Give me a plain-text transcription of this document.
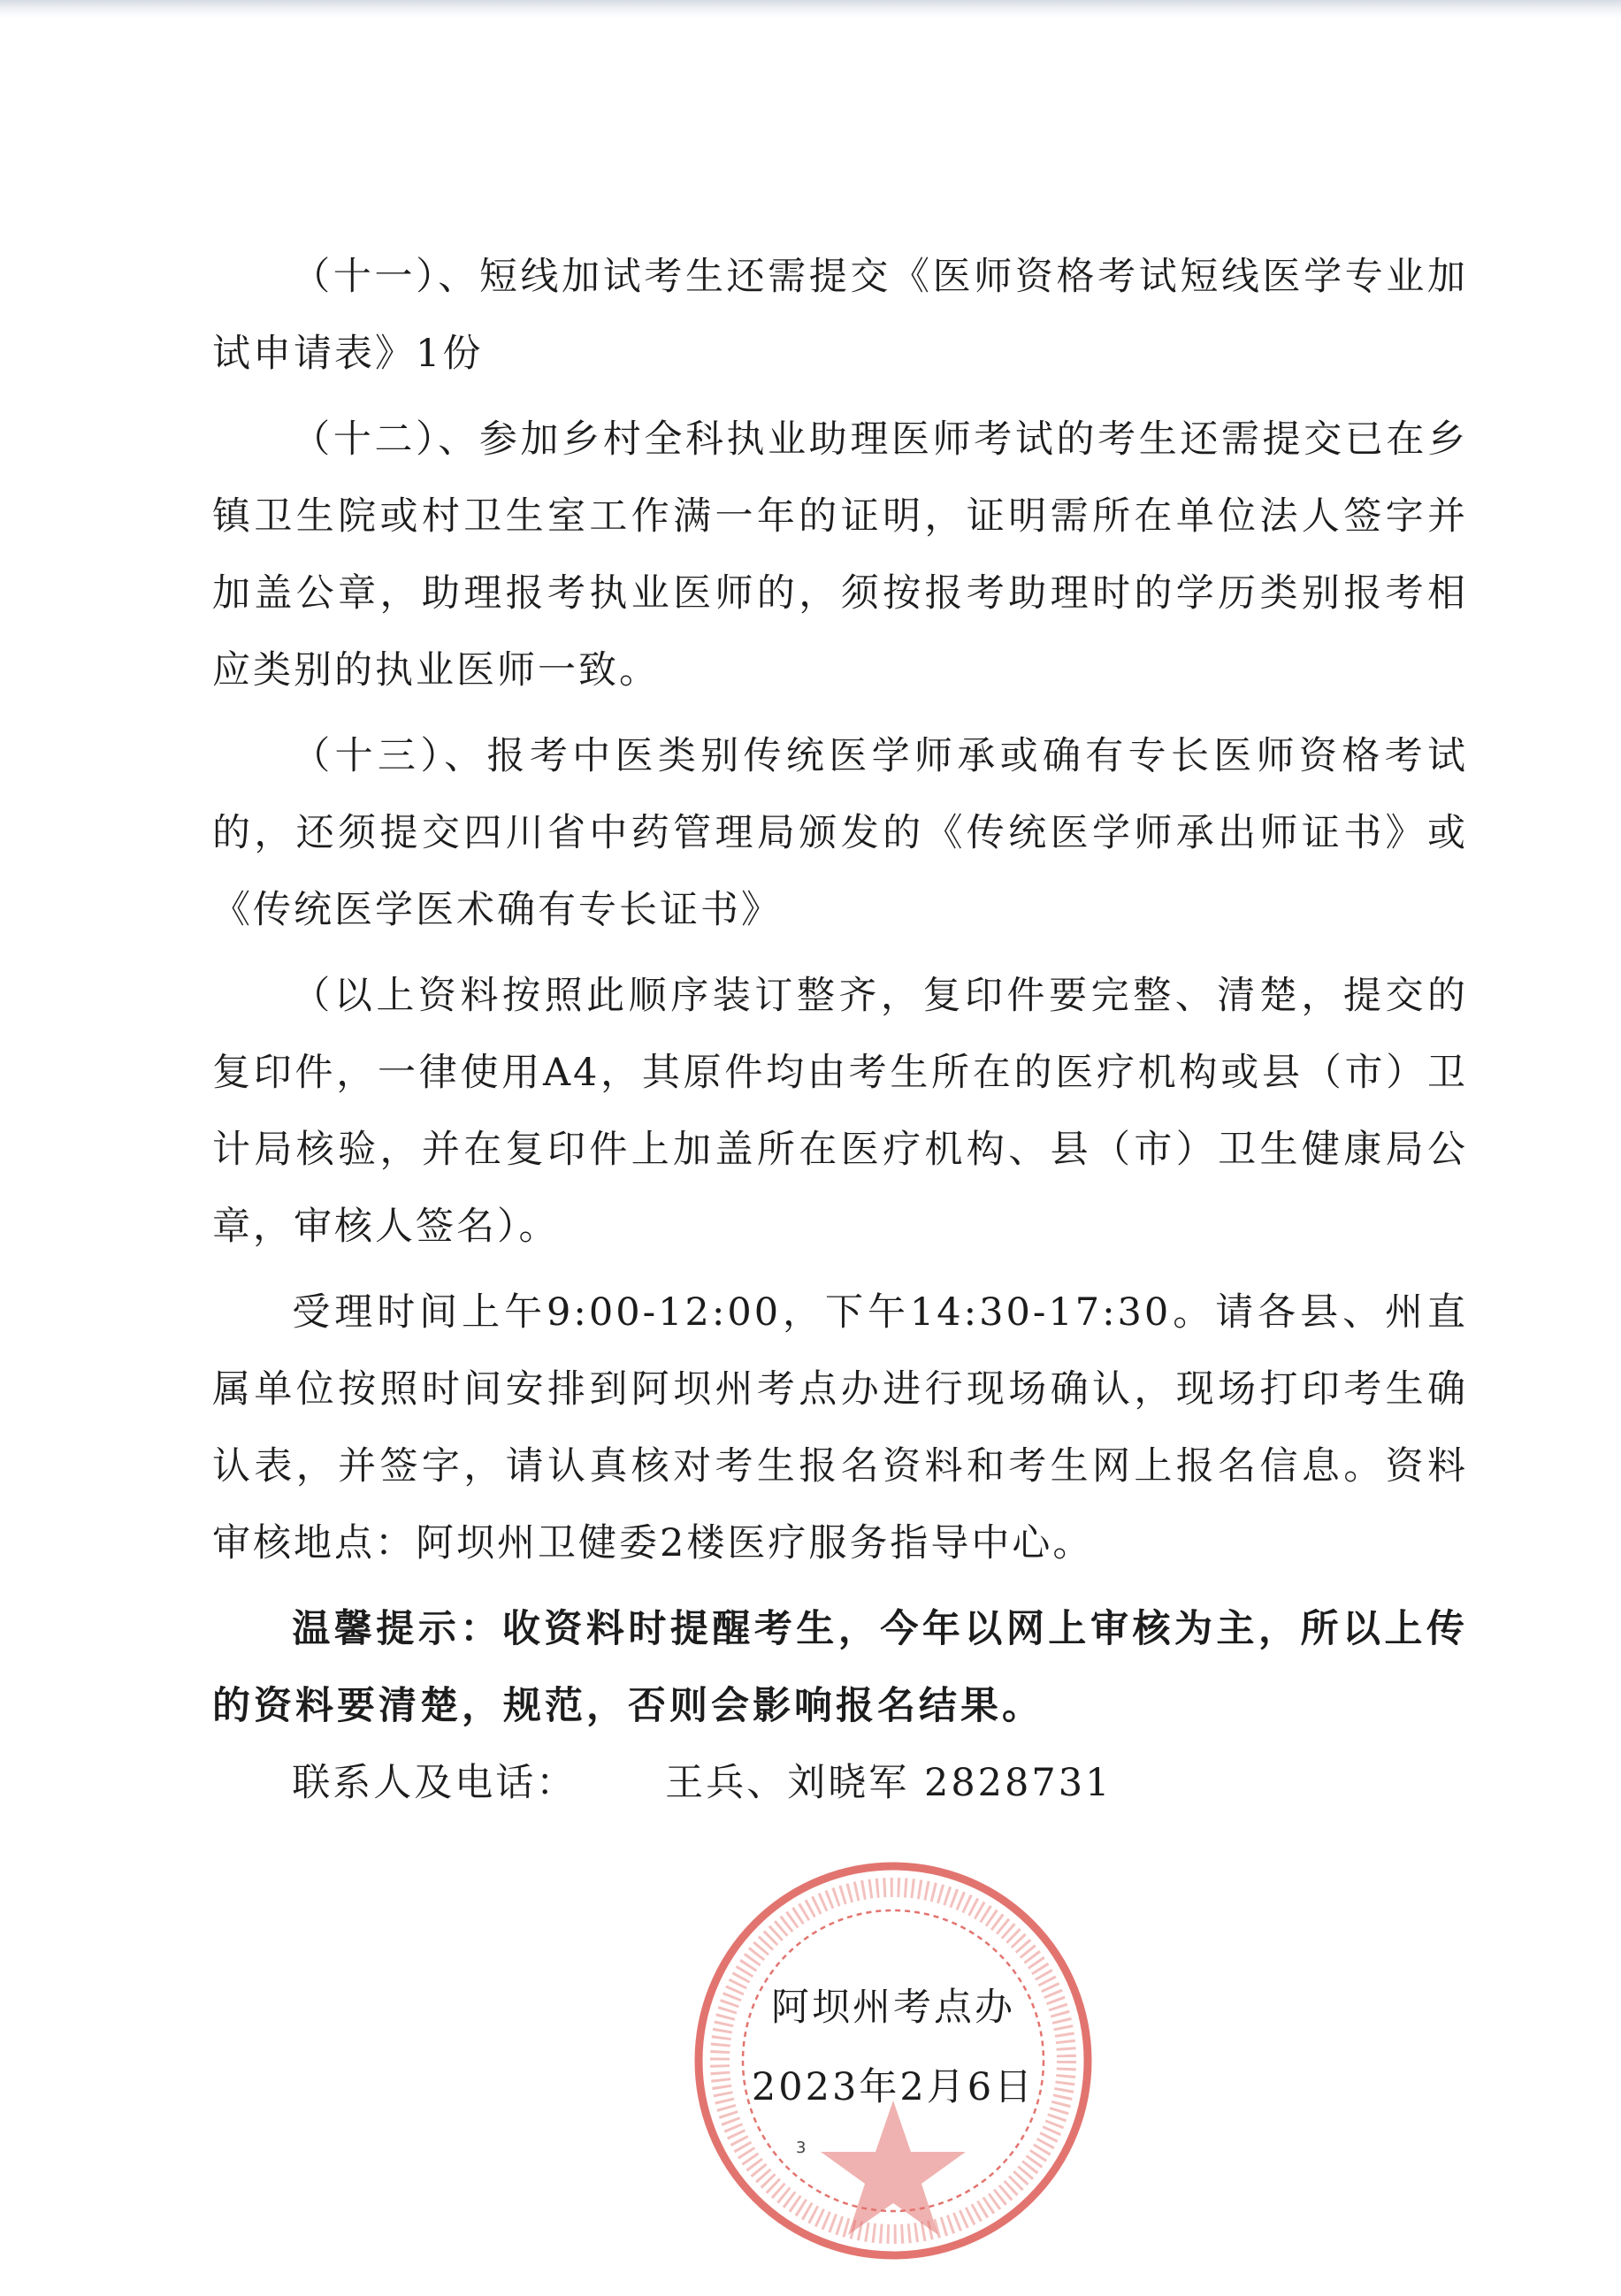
（十一）、短线加试考生还需提交《医师资格考试短线医学专业加试申请表》1份

（十二）、参加乡村全科执业助理医师考试的考生还需提交已在乡镇卫生院或村卫生室工作满一年的证明，证明需所在单位法人签字并加盖公章，助理报考执业医师的，须按报考助理时的学历类别报考相应类别的执业医师一致。

（十三）、报考中医类别传统医学师承或确有专长医师资格考试的，还须提交四川省中药管理局颁发的《传统医学师承出师证书》或《传统医学医术确有专长证书》

（以上资料按照此顺序装订整齐，复印件要完整、清楚，提交的复印件，一律使用A4，其原件均由考生所在的医疗机构或县（市）卫计局核验，并在复印件上加盖所在医疗机构、县（市）卫生健康局公章，审核人签名）。

受理时间上午9:00-12:00，下午14:30-17:30。请各县、州直属单位按照时间安排到阿坝州考点办进行现场确认，现场打印考生确认表，并签字，请认真核对考生报名资料和考生网上报名信息。资料审核地点：阿坝州卫健委2楼医疗服务指导中心。

温馨提示：收资料时提醒考生，今年以网上审核为主，所以上传的资料要清楚，规范，否则会影响报名结果。

联系人及电话： 王兵、刘晓军 2828731

阿坝州考点办
2023年2月6日
3
